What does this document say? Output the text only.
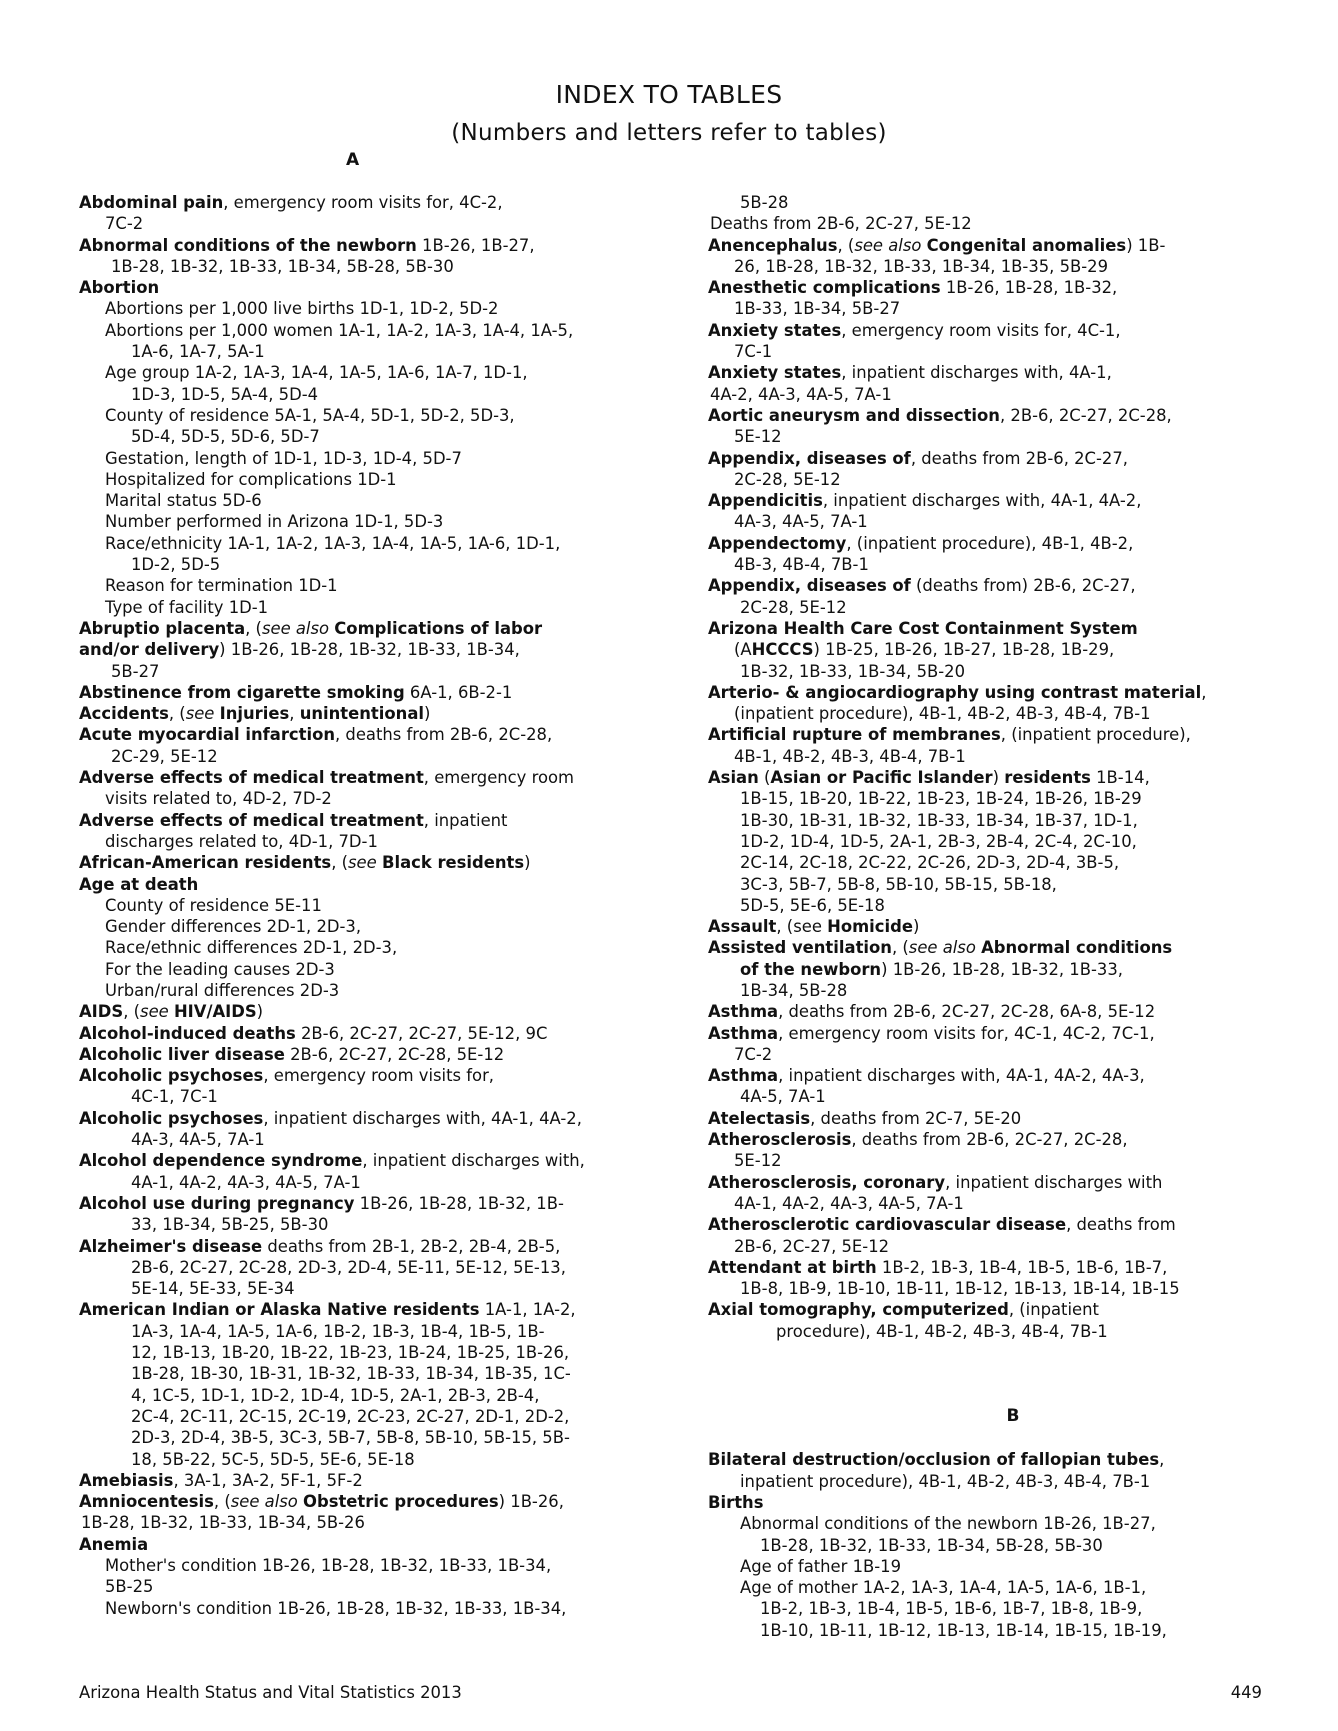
INDEX TO TABLES
(Numbers and letters refer to tables)
A
Abdominal pain, emergency room visits for, 4C-2,
7C-2
Abnormal conditions of the newborn 1B-26, 1B-27,
1B-28, 1B-32, 1B-33, 1B-34, 5B-28, 5B-30
Abortion
Abortions per 1,000 live births 1D-1, 1D-2, 5D-2
Abortions per 1,000 women 1A-1, 1A-2, 1A-3, 1A-4, 1A-5,
1A-6, 1A-7, 5A-1
Age group 1A-2, 1A-3, 1A-4, 1A-5, 1A-6, 1A-7, 1D-1,
1D-3, 1D-5, 5A-4, 5D-4
County of residence 5A-1, 5A-4, 5D-1, 5D-2, 5D-3,
5D-4, 5D-5, 5D-6, 5D-7
Gestation, length of 1D-1, 1D-3, 1D-4, 5D-7
Hospitalized for complications 1D-1
Marital status 5D-6
Number performed in Arizona 1D-1, 5D-3
Race/ethnicity 1A-1, 1A-2, 1A-3, 1A-4, 1A-5, 1A-6, 1D-1,
1D-2, 5D-5
Reason for termination 1D-1
Type of facility 1D-1
Abruptio placenta, (see also Complications of labor
and/or delivery) 1B-26, 1B-28, 1B-32, 1B-33, 1B-34,
5B-27
Abstinence from cigarette smoking 6A-1, 6B-2-1
Accidents, (see Injuries, unintentional)
Acute myocardial infarction, deaths from 2B-6, 2C-28,
2C-29, 5E-12
Adverse effects of medical treatment, emergency room
visits related to, 4D-2, 7D-2
Adverse effects of medical treatment, inpatient
discharges related to, 4D-1, 7D-1
African-American residents, (see Black residents)
Age at death
County of residence 5E-11
Gender differences 2D-1, 2D-3,
Race/ethnic differences 2D-1, 2D-3,
For the leading causes 2D-3
Urban/rural differences 2D-3
AIDS, (see HIV/AIDS)
Alcohol-induced deaths 2B-6, 2C-27, 2C-27, 5E-12, 9C
Alcoholic liver disease 2B-6, 2C-27, 2C-28, 5E-12
Alcoholic psychoses, emergency room visits for,
4C-1, 7C-1
Alcoholic psychoses, inpatient discharges with, 4A-1, 4A-2,
4A-3, 4A-5, 7A-1
Alcohol dependence syndrome, inpatient discharges with,
4A-1, 4A-2, 4A-3, 4A-5, 7A-1
Alcohol use during pregnancy 1B-26, 1B-28, 1B-32, 1B-
33, 1B-34, 5B-25, 5B-30
Alzheimer's disease deaths from 2B-1, 2B-2, 2B-4, 2B-5,
2B-6, 2C-27, 2C-28, 2D-3, 2D-4, 5E-11, 5E-12, 5E-13,
5E-14, 5E-33, 5E-34
American Indian or Alaska Native residents 1A-1, 1A-2,
1A-3, 1A-4, 1A-5, 1A-6, 1B-2, 1B-3, 1B-4, 1B-5, 1B-
12, 1B-13, 1B-20, 1B-22, 1B-23, 1B-24, 1B-25, 1B-26,
1B-28, 1B-30, 1B-31, 1B-32, 1B-33, 1B-34, 1B-35, 1C-
4, 1C-5, 1D-1, 1D-2, 1D-4, 1D-5, 2A-1, 2B-3, 2B-4,
2C-4, 2C-11, 2C-15, 2C-19, 2C-23, 2C-27, 2D-1, 2D-2,
2D-3, 2D-4, 3B-5, 3C-3, 5B-7, 5B-8, 5B-10, 5B-15, 5B-
18, 5B-22, 5C-5, 5D-5, 5E-6, 5E-18
Amebiasis, 3A-1, 3A-2, 5F-1, 5F-2
Amniocentesis, (see also Obstetric procedures) 1B-26,
1B-28, 1B-32, 1B-33, 1B-34, 5B-26
Anemia
Mother's condition 1B-26, 1B-28, 1B-32, 1B-33, 1B-34,
5B-25
Newborn's condition 1B-26, 1B-28, 1B-32, 1B-33, 1B-34,
5B-28
Deaths from 2B-6, 2C-27, 5E-12
Anencephalus, (see also Congenital anomalies) 1B-
26, 1B-28, 1B-32, 1B-33, 1B-34, 1B-35, 5B-29
Anesthetic complications 1B-26, 1B-28, 1B-32,
1B-33, 1B-34, 5B-27
Anxiety states, emergency room visits for, 4C-1,
7C-1
Anxiety states, inpatient discharges with, 4A-1,
4A-2, 4A-3, 4A-5, 7A-1
Aortic aneurysm and dissection, 2B-6, 2C-27, 2C-28,
5E-12
Appendix, diseases of, deaths from 2B-6, 2C-27,
2C-28, 5E-12
Appendicitis, inpatient discharges with, 4A-1, 4A-2,
4A-3, 4A-5, 7A-1
Appendectomy, (inpatient procedure), 4B-1, 4B-2,
4B-3, 4B-4, 7B-1
Appendix, diseases of (deaths from) 2B-6, 2C-27,
2C-28, 5E-12
Arizona Health Care Cost Containment System
(AHCCCS) 1B-25, 1B-26, 1B-27, 1B-28, 1B-29,
1B-32, 1B-33, 1B-34, 5B-20
Arterio- & angiocardiography using contrast material,
(inpatient procedure), 4B-1, 4B-2, 4B-3, 4B-4, 7B-1
Artificial rupture of membranes, (inpatient procedure),
4B-1, 4B-2, 4B-3, 4B-4, 7B-1
Asian (Asian or Pacific Islander) residents 1B-14,
1B-15, 1B-20, 1B-22, 1B-23, 1B-24, 1B-26, 1B-29
1B-30, 1B-31, 1B-32, 1B-33, 1B-34, 1B-37, 1D-1,
1D-2, 1D-4, 1D-5, 2A-1, 2B-3, 2B-4, 2C-4, 2C-10,
2C-14, 2C-18, 2C-22, 2C-26, 2D-3, 2D-4, 3B-5,
3C-3, 5B-7, 5B-8, 5B-10, 5B-15, 5B-18,
5D-5, 5E-6, 5E-18
Assault, (see Homicide)
Assisted ventilation, (see also Abnormal conditions
of the newborn) 1B-26, 1B-28, 1B-32, 1B-33,
1B-34, 5B-28
Asthma, deaths from 2B-6, 2C-27, 2C-28, 6A-8, 5E-12
Asthma, emergency room visits for, 4C-1, 4C-2, 7C-1,
7C-2
Asthma, inpatient discharges with, 4A-1, 4A-2, 4A-3,
4A-5, 7A-1
Atelectasis, deaths from 2C-7, 5E-20
Atherosclerosis, deaths from 2B-6, 2C-27, 2C-28,
5E-12
Atherosclerosis, coronary, inpatient discharges with
4A-1, 4A-2, 4A-3, 4A-5, 7A-1
Atherosclerotic cardiovascular disease, deaths from
2B-6, 2C-27, 5E-12
Attendant at birth 1B-2, 1B-3, 1B-4, 1B-5, 1B-6, 1B-7,
1B-8, 1B-9, 1B-10, 1B-11, 1B-12, 1B-13, 1B-14, 1B-15
Axial tomography, computerized, (inpatient
procedure), 4B-1, 4B-2, 4B-3, 4B-4, 7B-1
B
Bilateral destruction/occlusion of fallopian tubes,
inpatient procedure), 4B-1, 4B-2, 4B-3, 4B-4, 7B-1
Births
Abnormal conditions of the newborn 1B-26, 1B-27,
1B-28, 1B-32, 1B-33, 1B-34, 5B-28, 5B-30
Age of father 1B-19
Age of mother 1A-2, 1A-3, 1A-4, 1A-5, 1A-6, 1B-1,
1B-2, 1B-3, 1B-4, 1B-5, 1B-6, 1B-7, 1B-8, 1B-9,
1B-10, 1B-11, 1B-12, 1B-13, 1B-14, 1B-15, 1B-19,
Arizona Health Status and Vital Statistics 2013	449
